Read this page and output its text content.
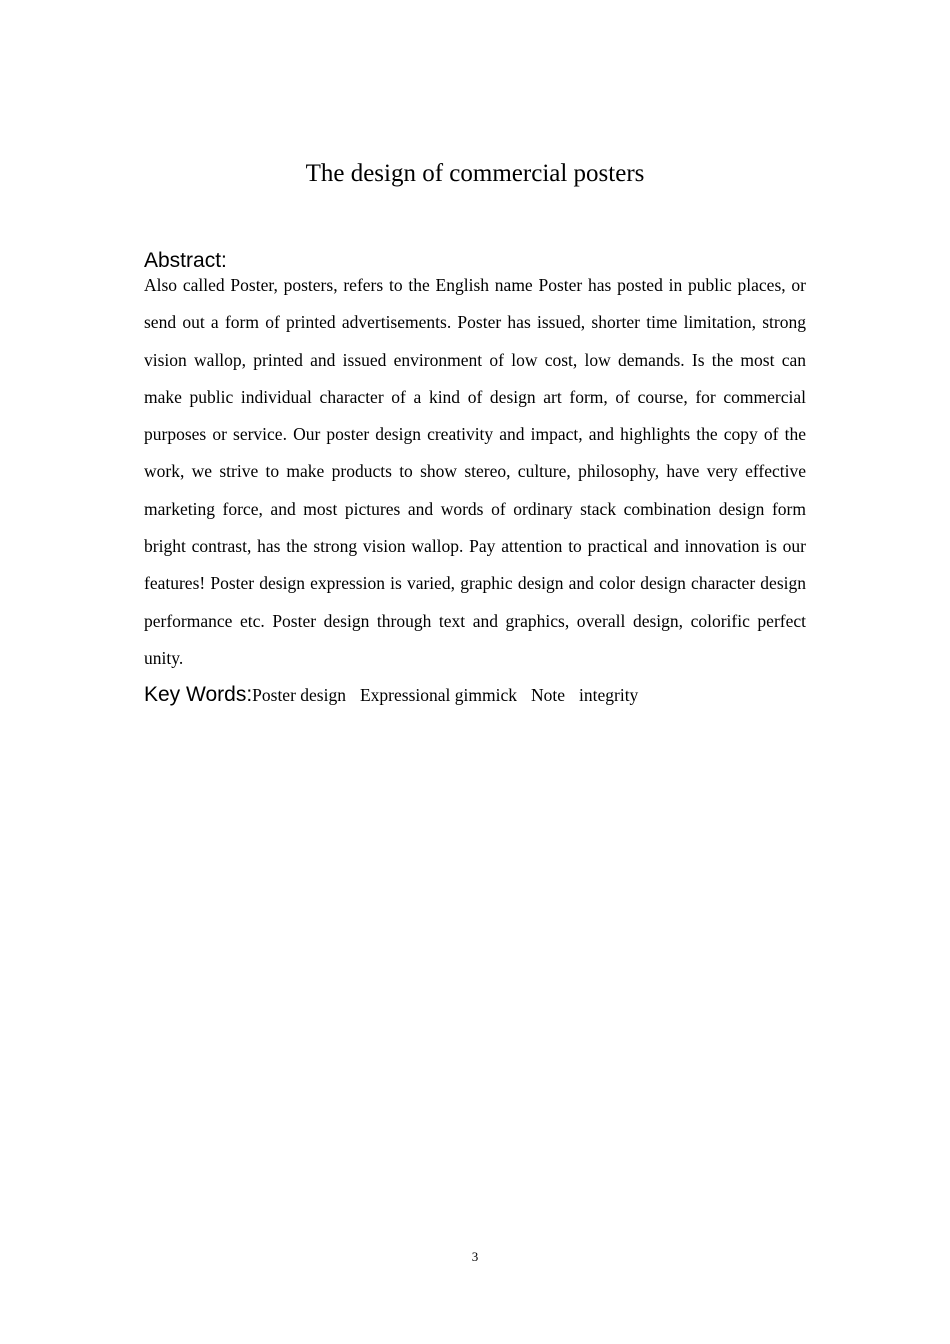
The design of commercial posters
Abstract:

Also called Poster, posters, refers to the English name Poster has posted in public places, or send out a form of printed advertisements. Poster has issued, shorter time limitation, strong vision wallop, printed and issued environment of low cost, low demands. Is the most can make public individual character of a kind of design art form, of course, for commercial purposes or service. Our poster design creativity and impact, and highlights the copy of the work, we strive to make products to show stereo, culture, philosophy, have very effective marketing force, and most pictures and words of ordinary stack combination design form bright contrast, has the strong vision wallop. Pay attention to practical and innovation is our features! Poster design expression is varied, graphic design and color design character design performance etc. Poster design through text and graphics, overall design, colorific perfect unity.

Key Words:Poster design Expressional gimmick Note integrity

3
